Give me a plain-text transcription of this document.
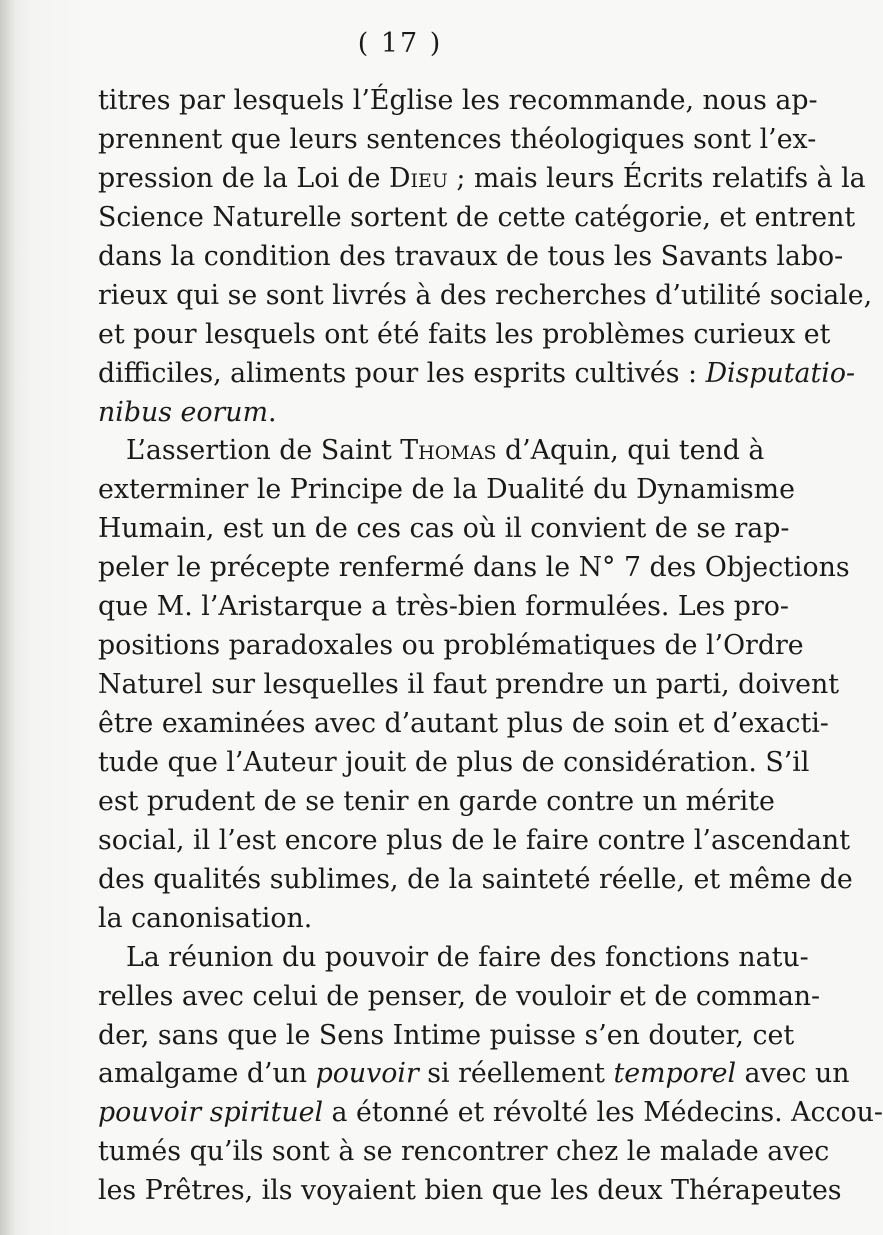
( 17 )
titres par lesquels l’Église les recommande, nous ap-
prennent que leurs sentences théologiques sont l’ex-
pression de la Loi de Dieu ; mais leurs Écrits relatifs à la
Science Naturelle sortent de cette catégorie, et entrent
dans la condition des travaux de tous les Savants labo-
rieux qui se sont livrés à des recherches d’utilité sociale,
et pour lesquels ont été faits les problèmes curieux et
difficiles, aliments pour les esprits cultivés : Disputatio-
nibus eorum.
L’assertion de Saint Thomas d’Aquin, qui tend à
exterminer le Principe de la Dualité du Dynamisme
Humain, est un de ces cas où il convient de se rap-
peler le précepte renfermé dans le N° 7 des Objections
que M. l’Aristarque a très-bien formulées. Les pro-
positions paradoxales ou problématiques de l’Ordre
Naturel sur lesquelles il faut prendre un parti, doivent
être examinées avec d’autant plus de soin et d’exacti-
tude que l’Auteur jouit de plus de considération. S’il
est prudent de se tenir en garde contre un mérite
social, il l’est encore plus de le faire contre l’ascendant
des qualités sublimes, de la sainteté réelle, et même de
la canonisation.
La réunion du pouvoir de faire des fonctions natu-
relles avec celui de penser, de vouloir et de comman-
der, sans que le Sens Intime puisse s’en douter, cet
amalgame d’un pouvoir si réellement temporel avec un
pouvoir spirituel a étonné et révolté les Médecins. Accou-
tumés qu’ils sont à se rencontrer chez le malade avec
les Prêtres, ils voyaient bien que les deux Thérapeutes
